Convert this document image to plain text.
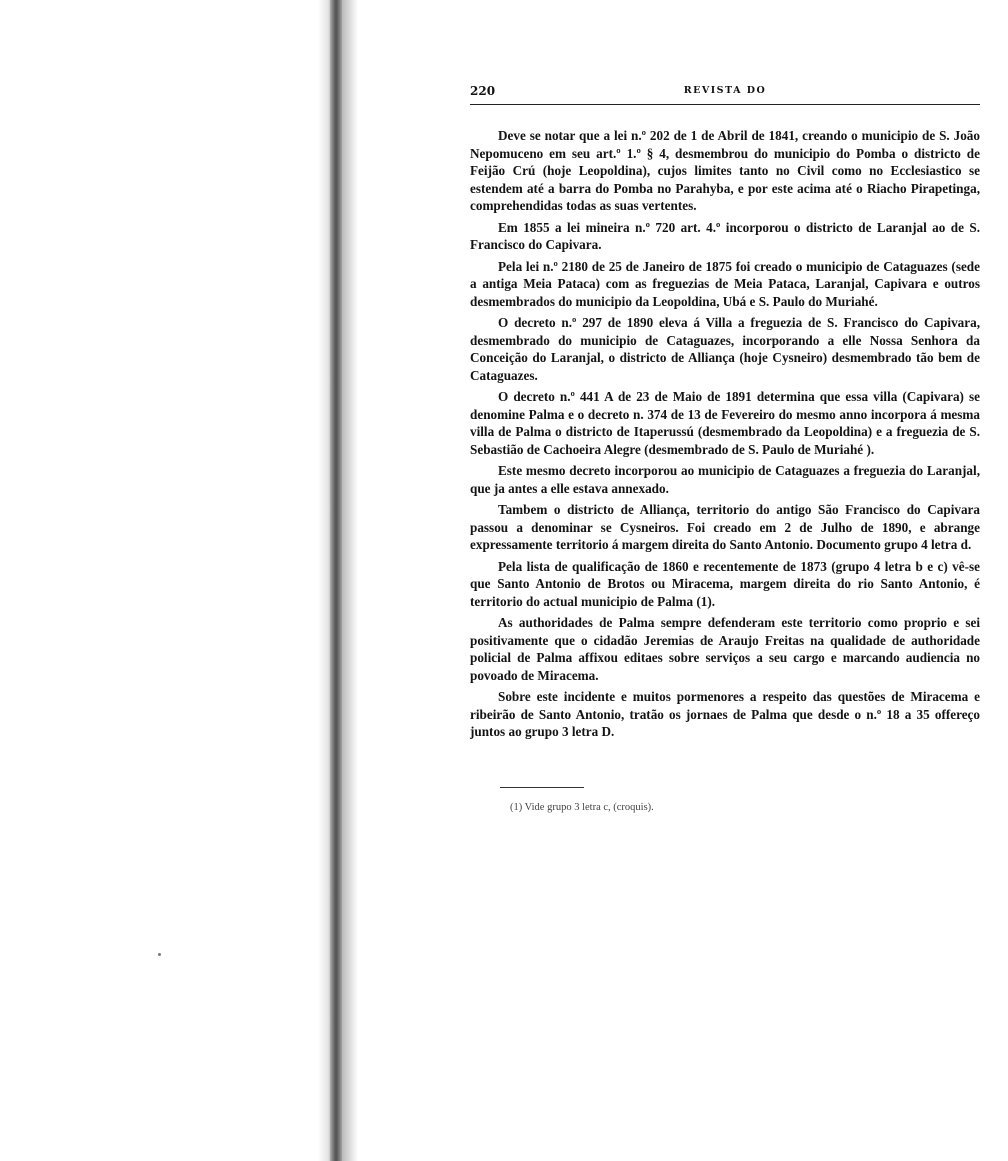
220	REVISTA DO

Deve se notar que a lei n.º 202 de 1 de Abril de 1841, creando o municipio de S. João Nepomuceno em seu art.º 1.º § 4, desmembrou do municipio do Pomba o districto de Feijão Crú (hoje Leopoldina), cujos limites tanto no Civil como no Ecclesiastico se estendem até a barra do Pomba no Parahyba, e por este acima até o Riacho Pirapetinga, comprehendidas todas as suas vertentes.

Em 1855 a lei mineira n.º 720 art. 4.º incorporou o districto de Laranjal ao de S. Francisco do Capivara.

Pela lei n.º 2180 de 25 de Janeiro de 1875 foi creado o municipio de Cataguazes (sede a antiga Meia Pataca) com as freguezias de Meia Pataca, Laranjal, Capivara e outros desmembrados do municipio da Leopoldina, Ubá e S. Paulo do Muriahé.

O decreto n.º 297 de 1890 eleva á Villa a freguezia de S. Francisco do Capivara, desmembrado do municipio de Cataguazes, incorporando a elle Nossa Senhora da Conceição do Laranjal, o districto de Alliança (hoje Cysneiro) desmembrado tão bem de Cataguazes.

O decreto n.º 441 A de 23 de Maio de 1891 determina que essa villa (Capivara) se denomine Palma e o decreto n. 374 de 13 de Fevereiro do mesmo anno incorpora á mesma villa de Palma o districto de Itaperussú (desmembrado da Leopoldina) e a freguezia de S. Sebastião de Cachoeira Alegre (desmembrado de S. Paulo de Muriahé ).

Este mesmo decreto incorporou ao municipio de Cataguazes a freguezia do Laranjal, que ja antes a elle estava annexado.

Tambem o districto de Alliança, territorio do antigo São Francisco do Capivara passou a denominar se Cysneiros. Foi creado em 2 de Julho de 1890, e abrange expressamente territorio á margem direita do Santo Antonio. Documento grupo 4 letra d.

Pela lista de qualificação de 1860 e recentemente de 1873 (grupo 4 letra b e c) vê-se que Santo Antonio de Brotos ou Miracema, margem direita do rio Santo Antonio, é territorio do actual municipio de Palma (1).

As authoridades de Palma sempre defenderam este territorio como proprio e sei positivamente que o cidadão Jeremias de Araujo Freitas na qualidade de authoridade policial de Palma affixou editaes sobre serviços a seu cargo e marcando audiencia no povoado de Miracema.

Sobre este incidente e muitos pormenores a respeito das questões de Miracema e ribeirão de Santo Antonio, tratão os jornaes de Palma que desde o n.º 18 a 35 offereço juntos ao grupo 3 letra D.

(1) Vide grupo 3 letra c, (croquis).
